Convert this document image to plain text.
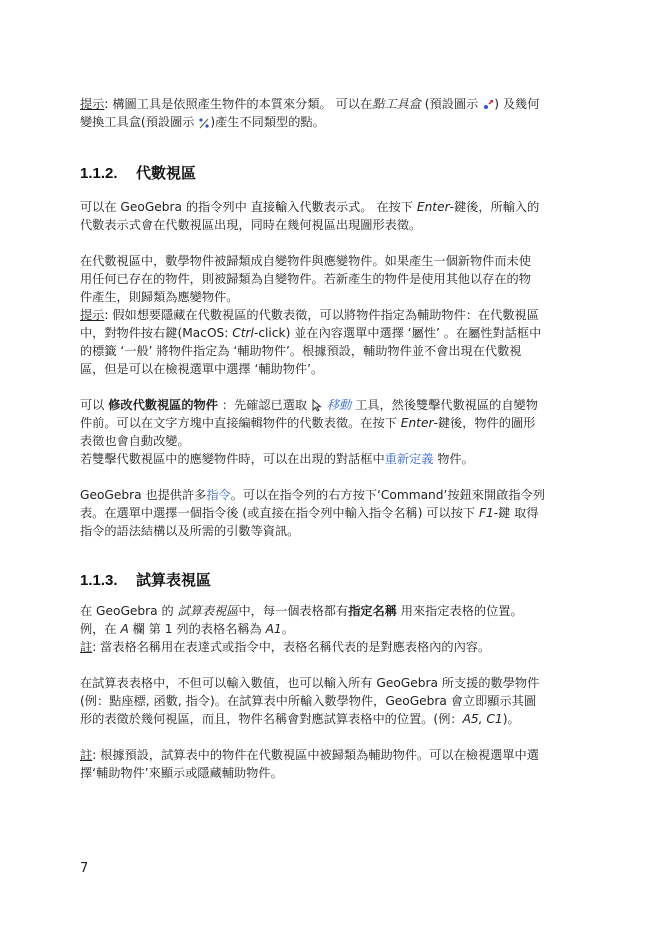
提示: 構圖工具是依照產生物件的本質來分類。 可以在點工具盒 (預設圖示 ) 及幾何
變換工具盒(預設圖示 )產生不同類型的點。

1.1.2. 代數視區

可以在 GeoGebra 的指令列中 直接輸入代數表示式。 在按下 Enter-鍵後，所輸入的
代數表示式會在代數視區出現，同時在幾何視區出現圖形表徵。

在代數視區中，數學物件被歸類成自變物件與應變物件。如果產生一個新物件而未使
用任何已存在的物件，則被歸類為自變物件。若新產生的物件是使用其他以存在的物
件產生，則歸類為應變物件。
提示: 假如想要隱藏在代數視區的代數表徵，可以將物件指定為輔助物件：在代數視區
中，對物件按右鍵(MacOS: Ctrl-click) 並在內容選單中選擇 ‘屬性’ 。在屬性對話框中
的標籤 ‘一般’ 將物件指定為 ‘輔助物件’。根據預設，輔助物件並不會出現在代數視
區，但是可以在檢視選單中選擇 ‘輔助物件’。

可以 修改代數視區的物件 ：先確認已選取  移動 工具，然後雙擊代數視區的自變物
件前。可以在文字方塊中直接編輯物件的代數表徵。在按下 Enter-鍵後，物件的圖形
表徵也會自動改變。
若雙擊代數視區中的應變物件時，可以在出現的對話框中重新定義 物件。

GeoGebra 也提供許多指令。可以在指令列的右方按下‘Command’按鈕來開啟指令列
表。在選單中選擇一個指令後 (或直接在指令列中輸入指令名稱) 可以按下 F1-鍵 取得
指令的語法結構以及所需的引數等資訊。

1.1.3. 試算表視區

在 GeoGebra 的 試算表視區中，每一個表格都有指定名稱 用來指定表格的位置。
例，在 A 欄 第 1 列的表格名稱為 A1。
註: 當表格名稱用在表達式或指令中，表格名稱代表的是對應表格內的內容。

在試算表表格中，不但可以輸入數值，也可以輸入所有 GeoGebra 所支援的數學物件
(例：點座標, 函數, 指令)。在試算表中所輸入數學物件，GeoGebra 會立即顯示其圖
形的表徵於幾何視區，而且，物件名稱會對應試算表格中的位置。(例：A5, C1)。

註: 根據預設，試算表中的物件在代數視區中被歸類為輔助物件。可以在檢視選單中選
擇‘輔助物件’來顯示或隱藏輔助物件。

7
